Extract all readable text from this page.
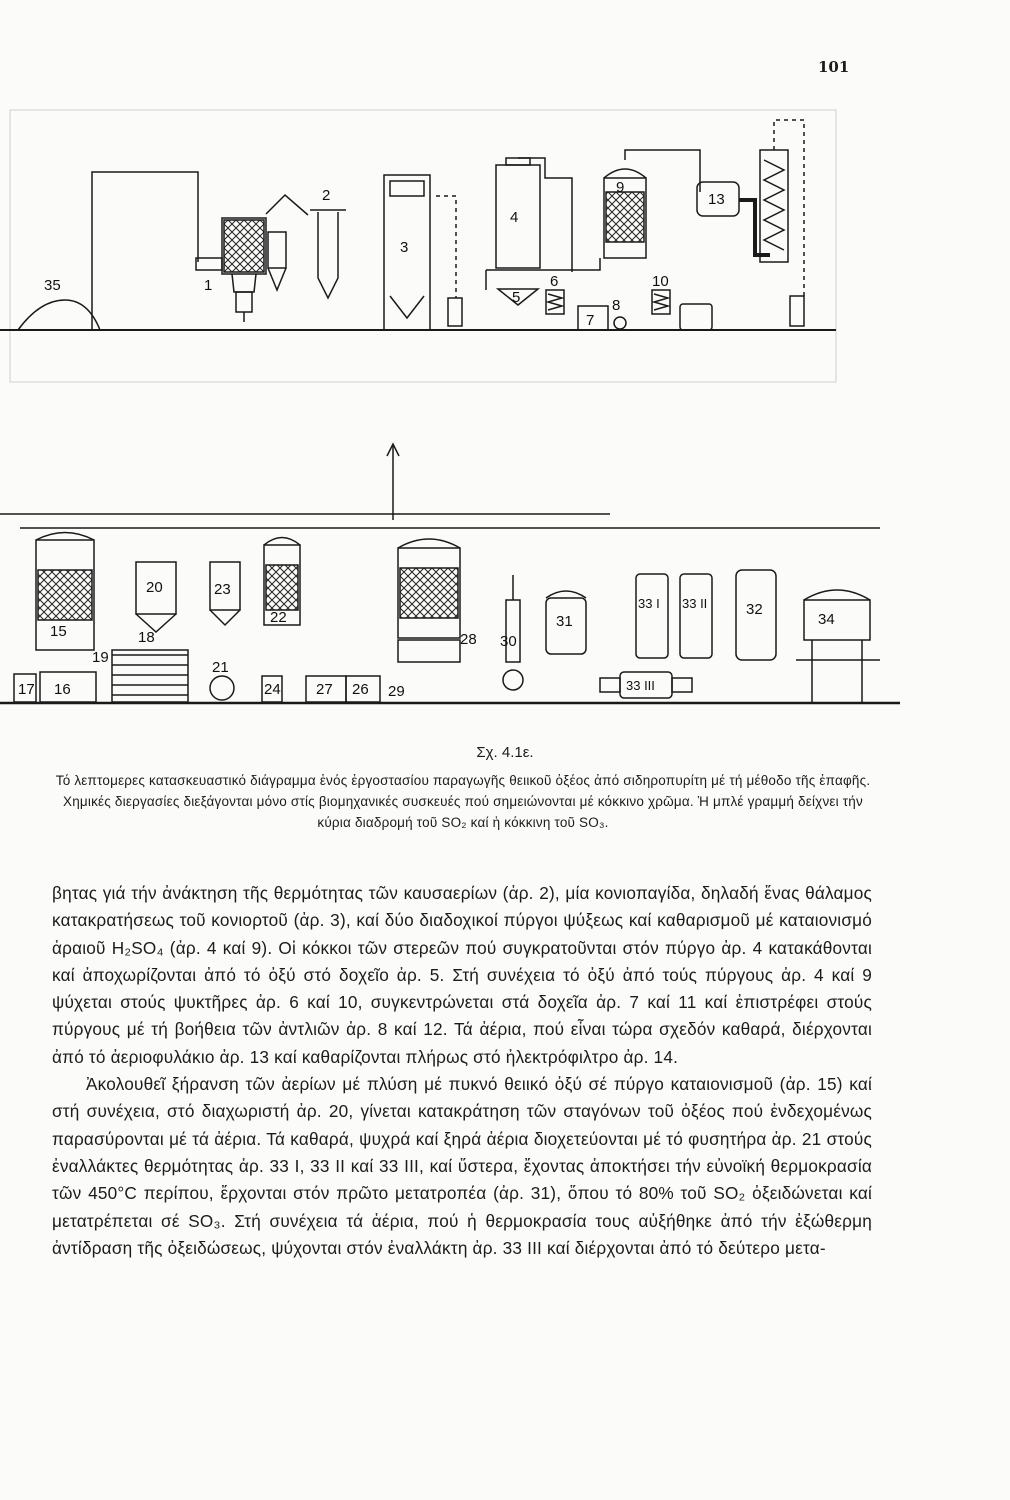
101
35	1
2
3
4
5
6
7
8
9
10
13
15
16
17
18
19
20
21
22
23
24	26
27
28
29
30
31
33 I 33 II	32
34
33 III
Σχ. 4.1ε.
Τό λεπτομερες κατασκευαστικό διάγραμμα ἑνός ἐργοστασίου παραγωγῆς θειικοῦ ὀξέος ἀπό σιδηροπυρίτη μέ τή μέθοδο τῆς ἐπαφῆς. Χημικές διεργασίες διεξάγονται μόνο στίς βιομηχανικές συσκευές πού σημειώνονται μέ κόκκινο χρῶμα. Ἡ μπλέ γραμμή δείχνει τήν κύρια διαδρομή τοῦ SO₂ καί ἡ κόκκινη τοῦ SO₃.

βητας γιά τήν ἀνάκτηση τῆς θερμότητας τῶν καυσαερίων (ἀρ. 2), μία κονιοπαγίδα, δηλαδή ἕνας θάλαμος κατακρατήσεως τοῦ κονιορτοῦ (ἀρ. 3), καί δύο διαδοχικοί πύργοι ψύξεως καί καθαρισμοῦ μέ καταιονισμό ἀραιοῦ H₂SO₄ (ἀρ. 4 καί 9). Οἱ κόκκοι τῶν στερεῶν πού συγκρατοῦνται στόν πύργο ἀρ. 4 κατακάθονται καί ἀποχωρίζονται ἀπό τό ὀξύ στό δοχεῖο ἀρ. 5. Στή συνέχεια τό ὀξύ ἀπό τούς πύργους ἀρ. 4 καί 9 ψύχεται στούς ψυκτῆρες ἀρ. 6 καί 10, συγκεντρώνεται στά δοχεῖα ἀρ. 7 καί 11 καί ἐπιστρέφει στούς πύργους μέ τή βοήθεια τῶν ἀντλιῶν ἀρ. 8 καί 12. Τά ἀέρια, πού εἶναι τώρα σχεδόν καθαρά, διέρχονται ἀπό τό ἀεριοφυλάκιο ἀρ. 13 καί καθαρίζονται πλήρως στό ἠλεκτρόφιλτρο ἀρ. 14.

Ἀκολουθεῖ ξήρανση τῶν ἀερίων μέ πλύση μέ πυκνό θειικό ὀξύ σέ πύργο καταιονισμοῦ (ἀρ. 15) καί στή συνέχεια, στό διαχωριστή ἀρ. 20, γίνεται κατακράτηση τῶν σταγόνων τοῦ ὀξέος πού ἐνδεχομένως παρασύρονται μέ τά ἀέρια. Τά καθαρά, ψυχρά καί ξηρά ἀέρια διοχετεύονται μέ τό φυσητήρα ἀρ. 21 στούς ἐναλλάκτες θερμότητας ἀρ. 33 Ι, 33 ΙΙ καί 33 ΙΙΙ, καί ὕστερα, ἔχοντας ἀποκτήσει τήν εὐνοϊκή θερμοκρασία τῶν 450°C περίπου, ἔρχονται στόν πρῶτο μετατροπέα (ἀρ. 31), ὅπου τό 80% τοῦ SO₂ ὀξειδώνεται καί μετατρέπεται σέ SO₃. Στή συνέχεια τά ἀέρια, πού ἡ θερμοκρασία τους αὐξήθηκε ἀπό τήν ἐξώθερμη ἀντίδραση τῆς ὀξειδώσεως, ψύχονται στόν ἐναλλάκτη ἀρ. 33 ΙΙΙ καί διέρχονται ἀπό τό δεύτερο μετα-
